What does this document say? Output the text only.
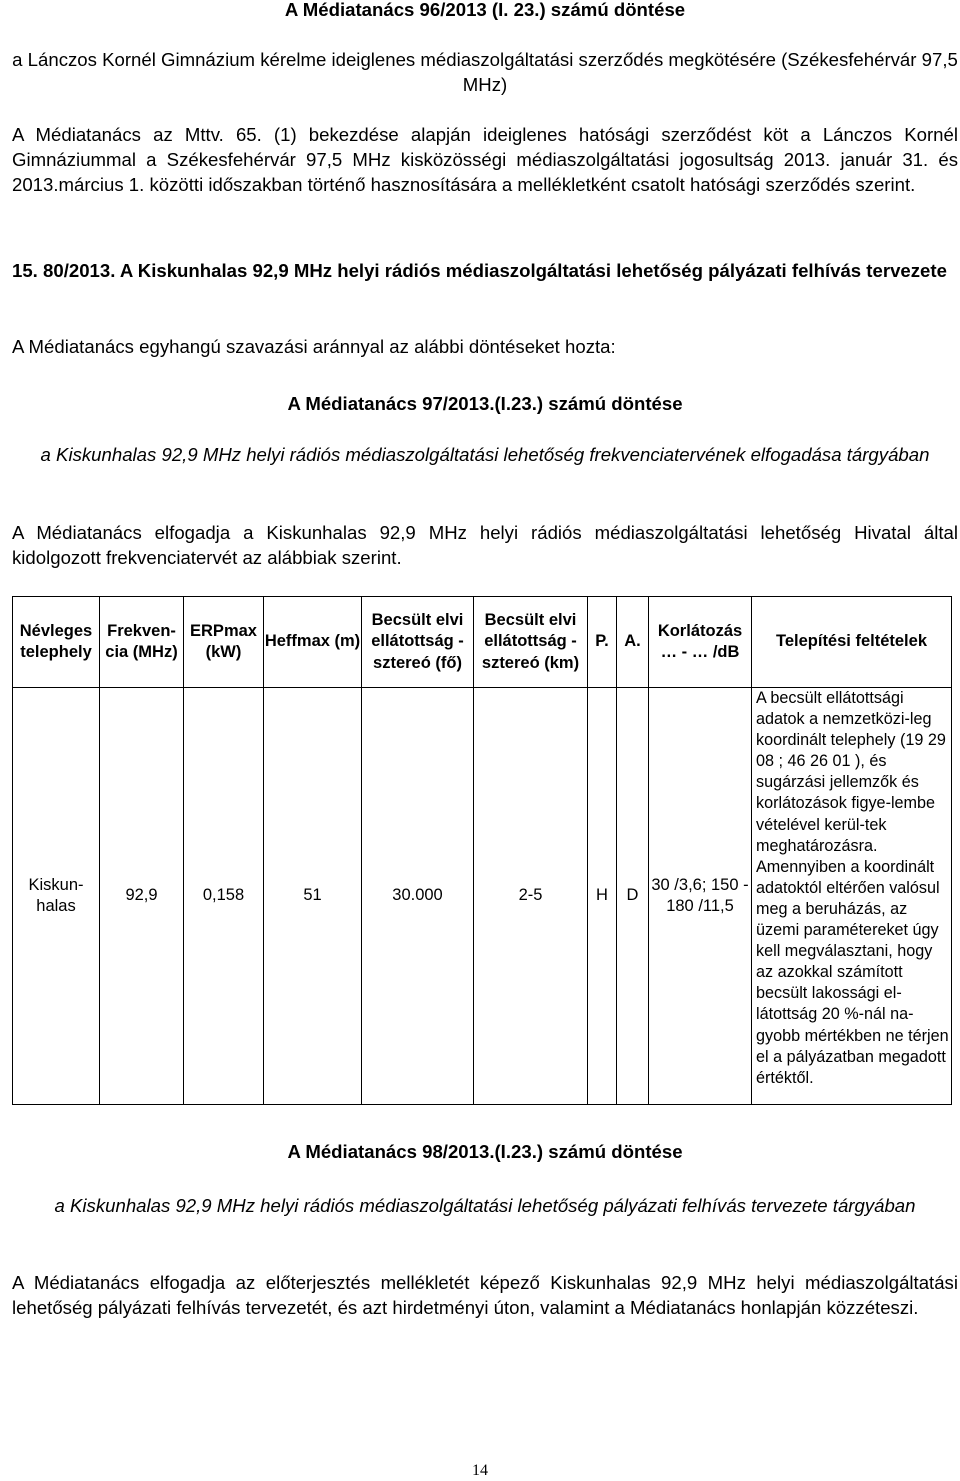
A Médiatanács 96/2013 (I. 23.) számú döntése

a Lánczos Kornél Gimnázium kérelme ideiglenes médiaszolgáltatási szerződés megkötésére (Székesfehérvár 97,5 MHz)

A Médiatanács az Mttv. 65. (1) bekezdése alapján ideiglenes hatósági szerződést köt a Lánczos Kornél Gimnáziummal a Székesfehérvár 97,5 MHz kisközösségi médiaszolgáltatási jogosultság 2013. január 31. és 2013.március 1. közötti időszakban történő hasznosítására a mellékletként csatolt hatósági szerződés szerint.

15. 80/2013. A Kiskunhalas 92,9 MHz helyi rádiós médiaszolgáltatási lehetőség pályázati felhívás tervezete

A Médiatanács egyhangú szavazási aránnyal az alábbi döntéseket hozta:

A Médiatanács 97/2013.(I.23.) számú döntése

a Kiskunhalas 92,9 MHz helyi rádiós médiaszolgáltatási lehetőség frekvenciatervének elfogadása tárgyában

A Médiatanács elfogadja a Kiskunhalas 92,9 MHz helyi rádiós médiaszolgáltatási lehetőség Hivatal által kidolgozott frekvenciatervét az alábbiak szerint.

Névleges telephely	Frekven-cia (MHz)	ERPmax (kW)	Heffmax (m)	Becsült elvi ellátottság - sztereó (fő)	Becsült elvi ellátottság - sztereó (km)	P.	A.	Korlátozás … - … /dB	Telepítési feltételek
Kiskun-halas	92,9	0,158	51	30.000	2-5	H	D	30 /3,6; 150 - 180 /11,5	A becsült ellátottsági adatok a nemzetközi-leg koordinált telephely (19 29 08 ; 46 26 01 ), és sugárzási jellemzők és korlátozások figye-lembe vételével kerül-tek meghatározásra. Amennyiben a koordinált adatoktól eltérően valósul meg a beruházás, az üzemi paramétereket úgy kell megválasztani, hogy az azokkal számított becsült lakossági el-látottság 20 %-nál na-gyobb mértékben ne térjen el a pályázatban megadott értéktől.

A Médiatanács 98/2013.(I.23.) számú döntése

a Kiskunhalas 92,9 MHz helyi rádiós médiaszolgáltatási lehetőség pályázati felhívás tervezete tárgyában

A Médiatanács elfogadja az előterjesztés mellékletét képező Kiskunhalas 92,9 MHz helyi médiaszolgáltatási lehetőség pályázati felhívás tervezetét, és azt hirdetményi úton, valamint a Médiatanács honlapján közzéteszi.

14
